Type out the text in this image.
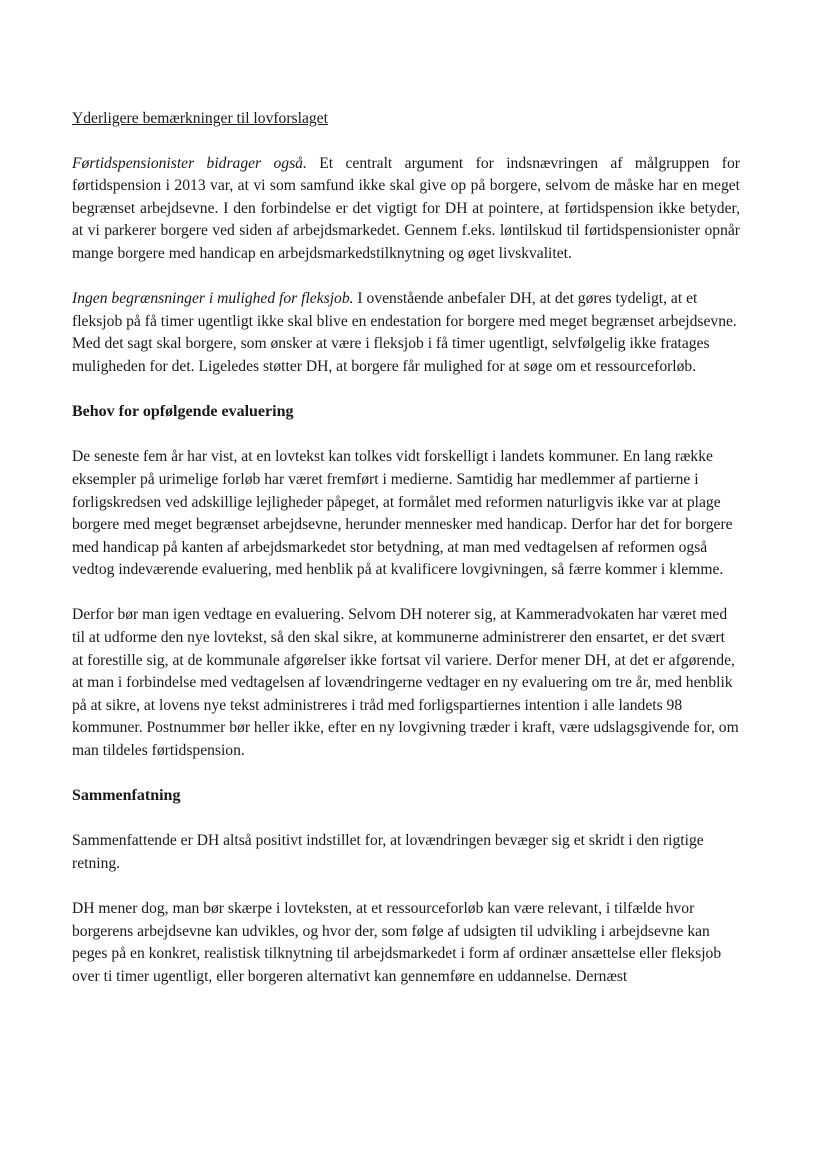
Yderligere bemærkninger til lovforslaget

Førtidspensionister bidrager også. Et centralt argument for indsnævringen af målgruppen for førtidspension i 2013 var, at vi som samfund ikke skal give op på borgere, selvom de måske har en meget begrænset arbejdsevne. I den forbindelse er det vigtigt for DH at pointere, at førtidspension ikke betyder, at vi parkerer borgere ved siden af arbejdsmarkedet. Gennem f.eks. løntilskud til førtidspensionister opnår mange borgere med handicap en arbejdsmarkedstilknytning og øget livskvalitet.

Ingen begrænsninger i mulighed for fleksjob. I ovenstående anbefaler DH, at det gøres tydeligt, at et fleksjob på få timer ugentligt ikke skal blive en endestation for borgere med meget begrænset arbejdsevne. Med det sagt skal borgere, som ønsker at være i fleksjob i få timer ugentligt, selvfølgelig ikke fratages muligheden for det. Ligeledes støtter DH, at borgere får mulighed for at søge om et ressourceforløb.

Behov for opfølgende evaluering

De seneste fem år har vist, at en lovtekst kan tolkes vidt forskelligt i landets kommuner. En lang række eksempler på urimelige forløb har været fremført i medierne. Samtidig har medlemmer af partierne i forligskredsen ved adskillige lejligheder påpeget, at formålet med reformen naturligvis ikke var at plage borgere med meget begrænset arbejdsevne, herunder mennesker med handicap. Derfor har det for borgere med handicap på kanten af arbejdsmarkedet stor betydning, at man med vedtagelsen af reformen også vedtog indeværende evaluering, med henblik på at kvalificere lovgivningen, så færre kommer i klemme.

Derfor bør man igen vedtage en evaluering. Selvom DH noterer sig, at Kammeradvokaten har været med til at udforme den nye lovtekst, så den skal sikre, at kommunerne administrerer den ensartet, er det svært at forestille sig, at de kommunale afgørelser ikke fortsat vil variere. Derfor mener DH, at det er afgørende, at man i forbindelse med vedtagelsen af lovændringerne vedtager en ny evaluering om tre år, med henblik på at sikre, at lovens nye tekst administreres i tråd med forligspartiernes intention i alle landets 98 kommuner. Postnummer bør heller ikke, efter en ny lovgivning træder i kraft, være udslagsgivende for, om man tildeles førtidspension.

Sammenfatning

Sammenfattende er DH altså positivt indstillet for, at lovændringen bevæger sig et skridt i den rigtige retning.

DH mener dog, man bør skærpe i lovteksten, at et ressourceforløb kan være relevant, i tilfælde hvor borgerens arbejdsevne kan udvikles, og hvor der, som følge af udsigten til udvikling i arbejdsevne kan peges på en konkret, realistisk tilknytning til arbejdsmarkedet i form af ordinær ansættelse eller fleksjob over ti timer ugentligt, eller borgeren alternativt kan gennemføre en uddannelse. Dernæst
